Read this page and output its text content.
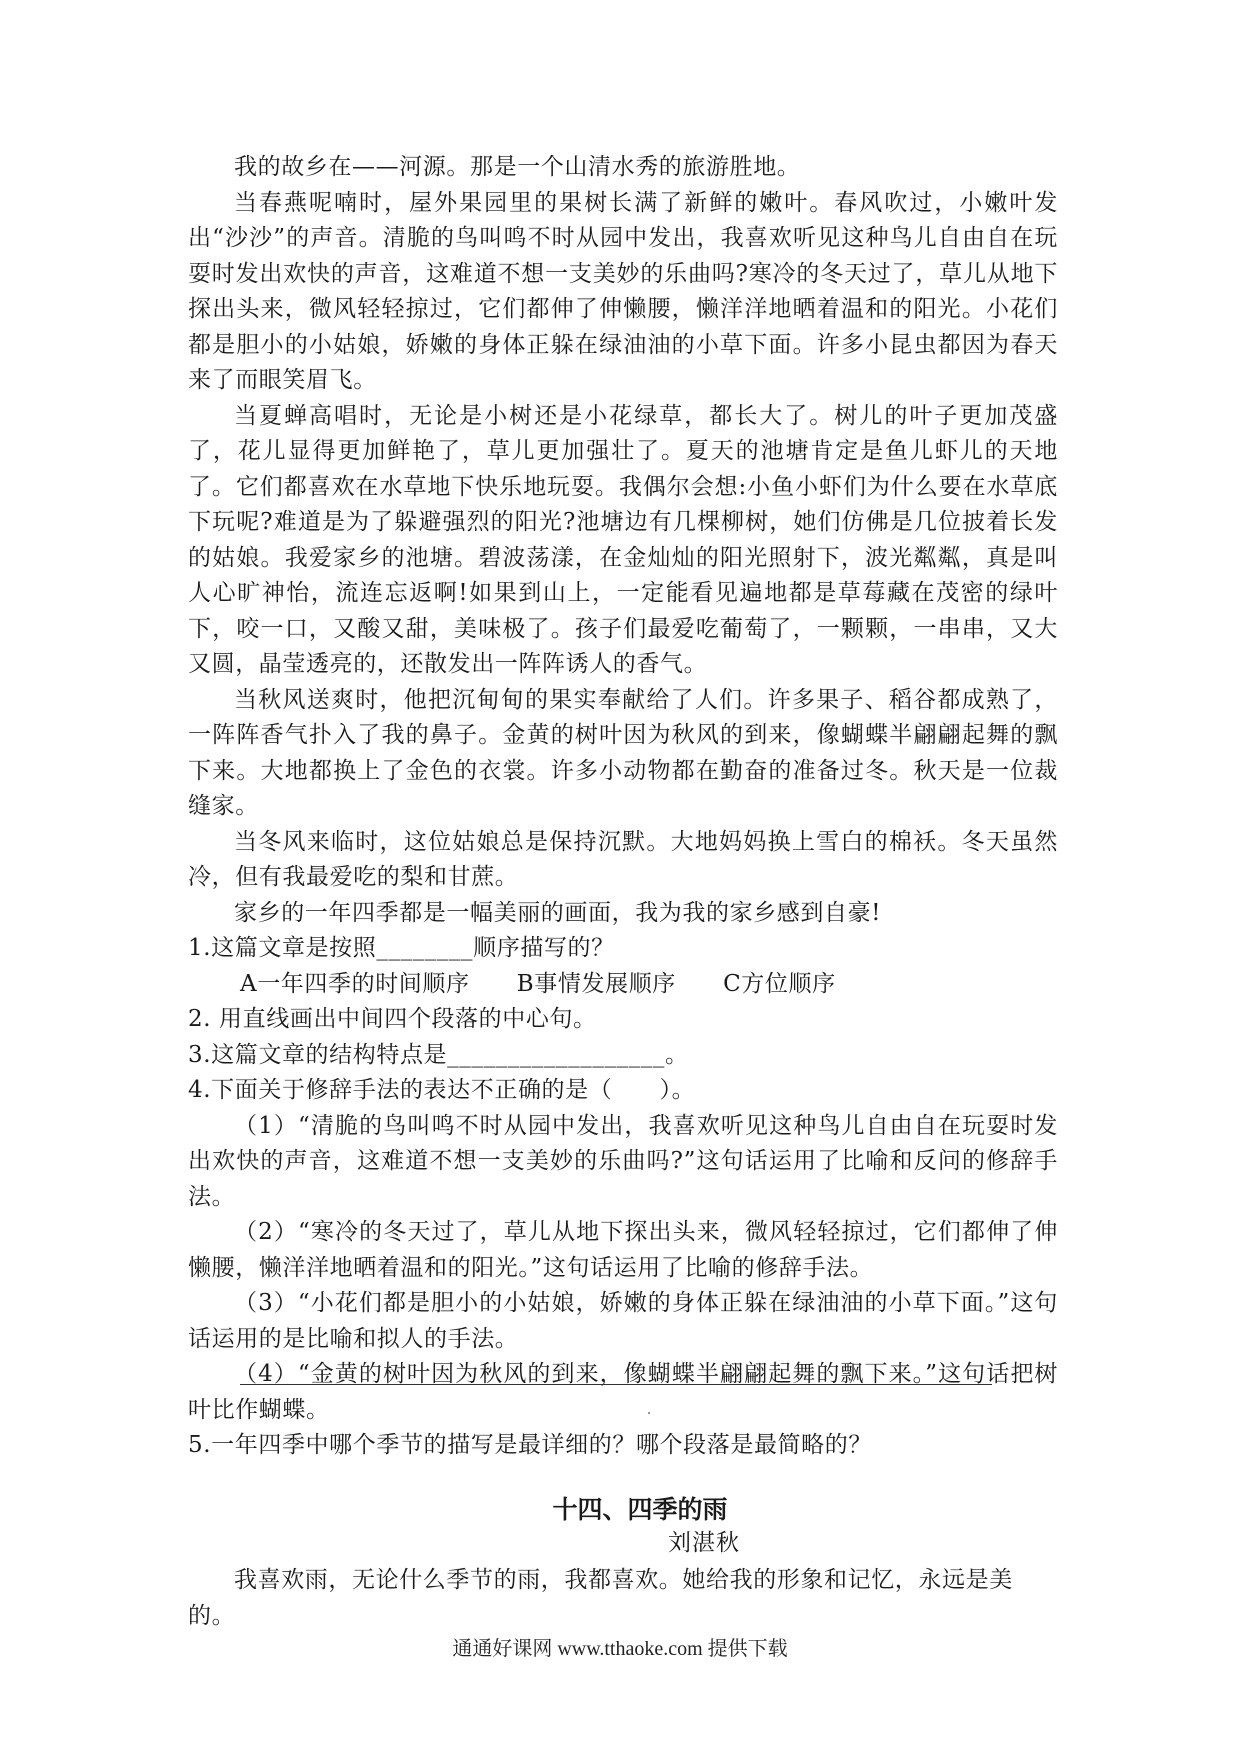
我的故乡在——河源。那是一个山清水秀的旅游胜地。

当春燕呢喃时，屋外果园里的果树长满了新鲜的嫩叶。春风吹过，小嫩叶发出“沙沙”的声音。清脆的鸟叫鸣不时从园中发出，我喜欢听见这种鸟儿自由自在玩耍时发出欢快的声音，这难道不想一支美妙的乐曲吗?寒冷的冬天过了，草儿从地下探出头来，微风轻轻掠过，它们都伸了伸懒腰，懒洋洋地晒着温和的阳光。小花们都是胆小的小姑娘，娇嫩的身体正躲在绿油油的小草下面。许多小昆虫都因为春天来了而眼笑眉飞。

当夏蝉高唱时，无论是小树还是小花绿草，都长大了。树儿的叶子更加茂盛了，花儿显得更加鲜艳了，草儿更加强壮了。夏天的池塘肯定是鱼儿虾儿的天地了。它们都喜欢在水草地下快乐地玩耍。我偶尔会想:小鱼小虾们为什么要在水草底下玩呢?难道是为了躲避强烈的阳光?池塘边有几棵柳树，她们仿佛是几位披着长发的姑娘。我爱家乡的池塘。碧波荡漾，在金灿灿的阳光照射下，波光粼粼，真是叫人心旷神怡，流连忘返啊!如果到山上，一定能看见遍地都是草莓藏在茂密的绿叶下，咬一口，又酸又甜，美味极了。孩子们最爱吃葡萄了，一颗颗，一串串，又大又圆，晶莹透亮的，还散发出一阵阵诱人的香气。

当秋风送爽时，他把沉甸甸的果实奉献给了人们。许多果子、稻谷都成熟了，一阵阵香气扑入了我的鼻子。金黄的树叶因为秋风的到来，像蝴蝶半翩翩起舞的飘下来。大地都换上了金色的衣裳。许多小动物都在勤奋的准备过冬。秋天是一位裁缝家。

当冬风来临时，这位姑娘总是保持沉默。大地妈妈换上雪白的棉袄。冬天虽然冷，但有我最爱吃的梨和甘蔗。

家乡的一年四季都是一幅美丽的画面，我为我的家乡感到自豪!

1.这篇文章是按照________顺序描写的？

A一年四季的时间顺序　　B事情发展顺序　　C方位顺序

2. 用直线画出中间四个段落的中心句。

3.这篇文章的结构特点是__________________。

4.下面关于修辞手法的表达不正确的是（　　）。

（1）“清脆的鸟叫鸣不时从园中发出，我喜欢听见这种鸟儿自由自在玩耍时发出欢快的声音，这难道不想一支美妙的乐曲吗?”这句话运用了比喻和反问的修辞手法。

（2）“寒冷的冬天过了，草儿从地下探出头来，微风轻轻掠过，它们都伸了伸懒腰，懒洋洋地晒着温和的阳光。”这句话运用了比喻的修辞手法。

（3）“小花们都是胆小的小姑娘，娇嫩的身体正躲在绿油油的小草下面。”这句话运用的是比喻和拟人的手法。

（4）“金黄的树叶因为秋风的到来，像蝴蝶半翩翩起舞的飘下来。”这句话把树叶比作蝴蝶。

5.一年四季中哪个季节的描写是最详细的？哪个段落是最简略的？

十四、四季的雨
刘湛秋

我喜欢雨，无论什么季节的雨，我都喜欢。她给我的形象和记忆，永远是美的。

通通好课网 www.tthaoke.com 提供下载
